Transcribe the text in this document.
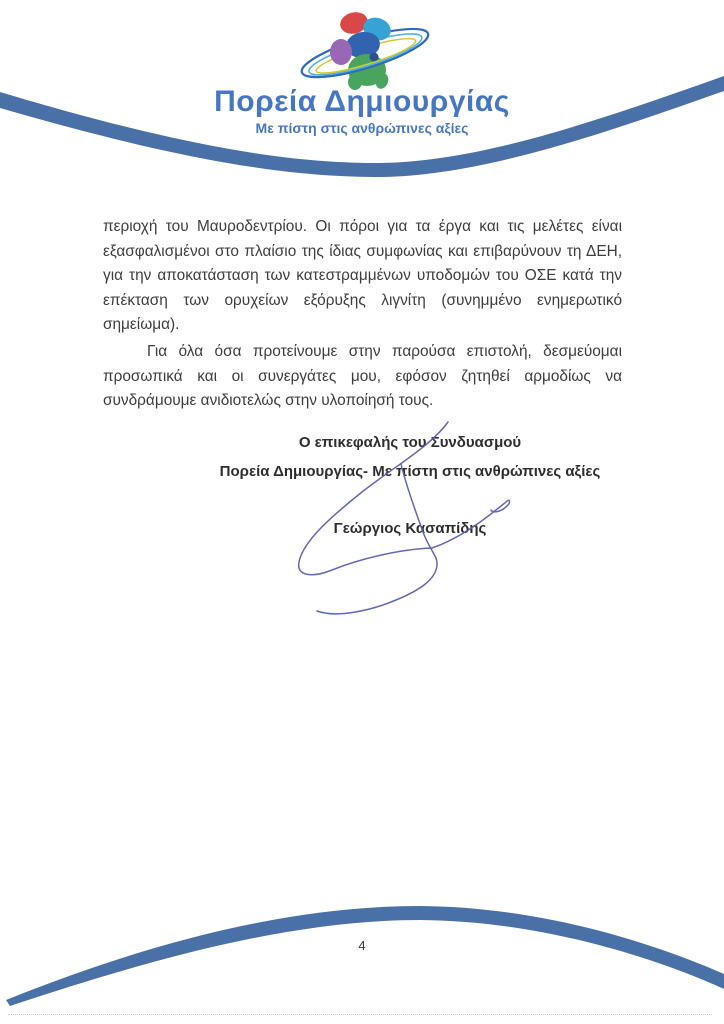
Πορεία Δημιουργίας
Με πίστη στις ανθρώπινες αξίες

περιοχή του Μαυροδεντρίου. Οι πόροι για τα έργα και τις μελέτες είναι εξασφαλισμένοι στο πλαίσιο της ίδιας συμφωνίας και επιβαρύνουν τη ΔΕΗ, για την αποκατάσταση των κατεστραμμένων υποδομών του ΟΣΕ κατά την επέκταση των ορυχείων εξόρυξης λιγνίτη (συνημμένο ενημερωτικό σημείωμα).

Για όλα όσα προτείνουμε στην παρούσα επιστολή, δεσμεύομαι προσωπικά και οι συνεργάτες μου, εφόσον ζητηθεί αρμοδίως να συνδράμουμε ανιδιοτελώς στην υλοποίησή τους.

Ο επικεφαλής του Συνδυασμού
Πορεία Δημιουργίας- Με πίστη στις ανθρώπινες αξίες
Γεώργιος Κασαπίδης
4
